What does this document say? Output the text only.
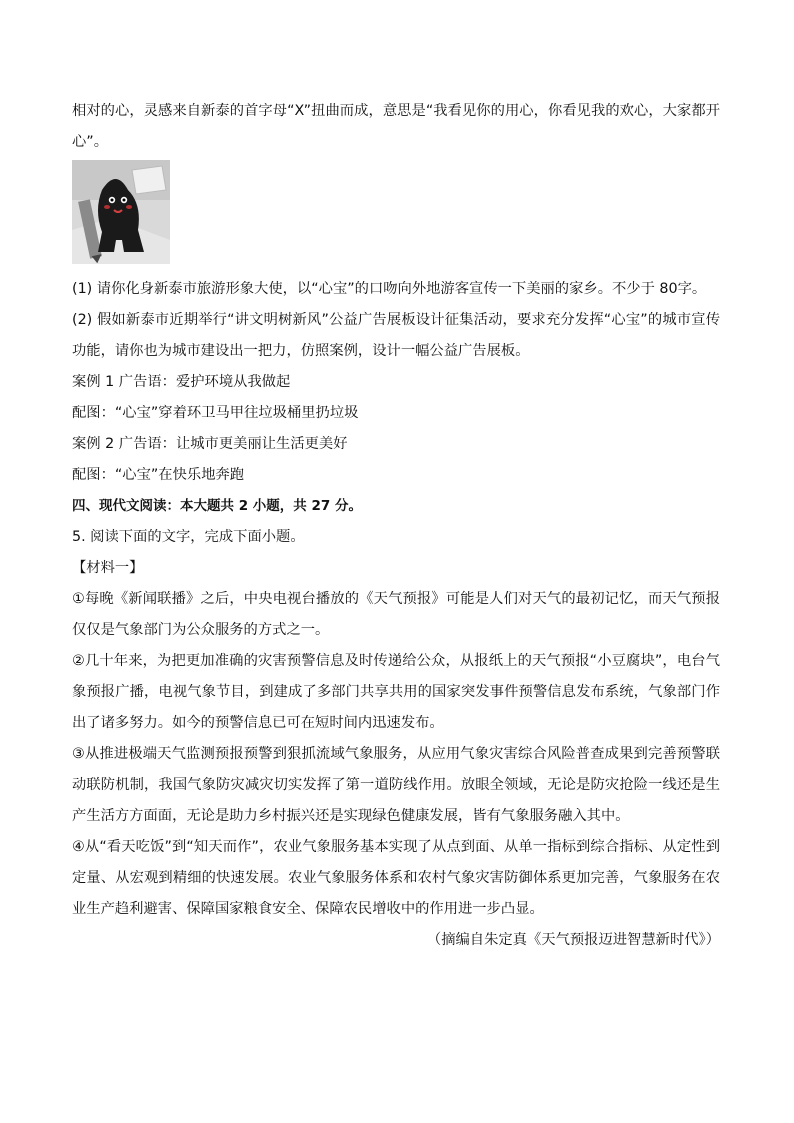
相对的心，灵感来自新泰的首字母“X”扭曲而成，意思是“我看见你的用心，你看见我的欢心，大家都开心”。

(1) 请你化身新泰市旅游形象大使，以“心宝”的口吻向外地游客宣传一下美丽的家乡。不少于 80字。

(2) 假如新泰市近期举行“讲文明树新风”公益广告展板设计征集活动，要求充分发挥“心宝”的城市宣传功能，请你也为城市建设出一把力，仿照案例，设计一幅公益广告展板。

案例 1 广告语：爱护环境从我做起

配图：“心宝”穿着环卫马甲往垃圾桶里扔垃圾

案例 2 广告语：让城市更美丽让生活更美好

配图：“心宝”在快乐地奔跑

四、现代文阅读：本大题共 2 小题，共 27 分。

5. 阅读下面的文字，完成下面小题。

【材料一】

①每晚《新闻联播》之后，中央电视台播放的《天气预报》可能是人们对天气的最初记忆，而天气预报仅仅是气象部门为公众服务的方式之一。

②几十年来，为把更加准确的灾害预警信息及时传递给公众，从报纸上的天气预报“小豆腐块”，电台气象预报广播，电视气象节目，到建成了多部门共享共用的国家突发事件预警信息发布系统，气象部门作出了诸多努力。如今的预警信息已可在短时间内迅速发布。

③从推进极端天气监测预报预警到狠抓流域气象服务，从应用气象灾害综合风险普查成果到完善预警联动联防机制，我国气象防灾减灾切实发挥了第一道防线作用。放眼全领域，无论是防灾抢险一线还是生产生活方方面面，无论是助力乡村振兴还是实现绿色健康发展，皆有气象服务融入其中。

④从“看天吃饭”到“知天而作”，农业气象服务基本实现了从点到面、从单一指标到综合指标、从定性到定量、从宏观到精细的快速发展。农业气象服务体系和农村气象灾害防御体系更加完善，气象服务在农业生产趋利避害、保障国家粮食安全、保障农民增收中的作用进一步凸显。

（摘编自朱定真《天气预报迈进智慧新时代》）
